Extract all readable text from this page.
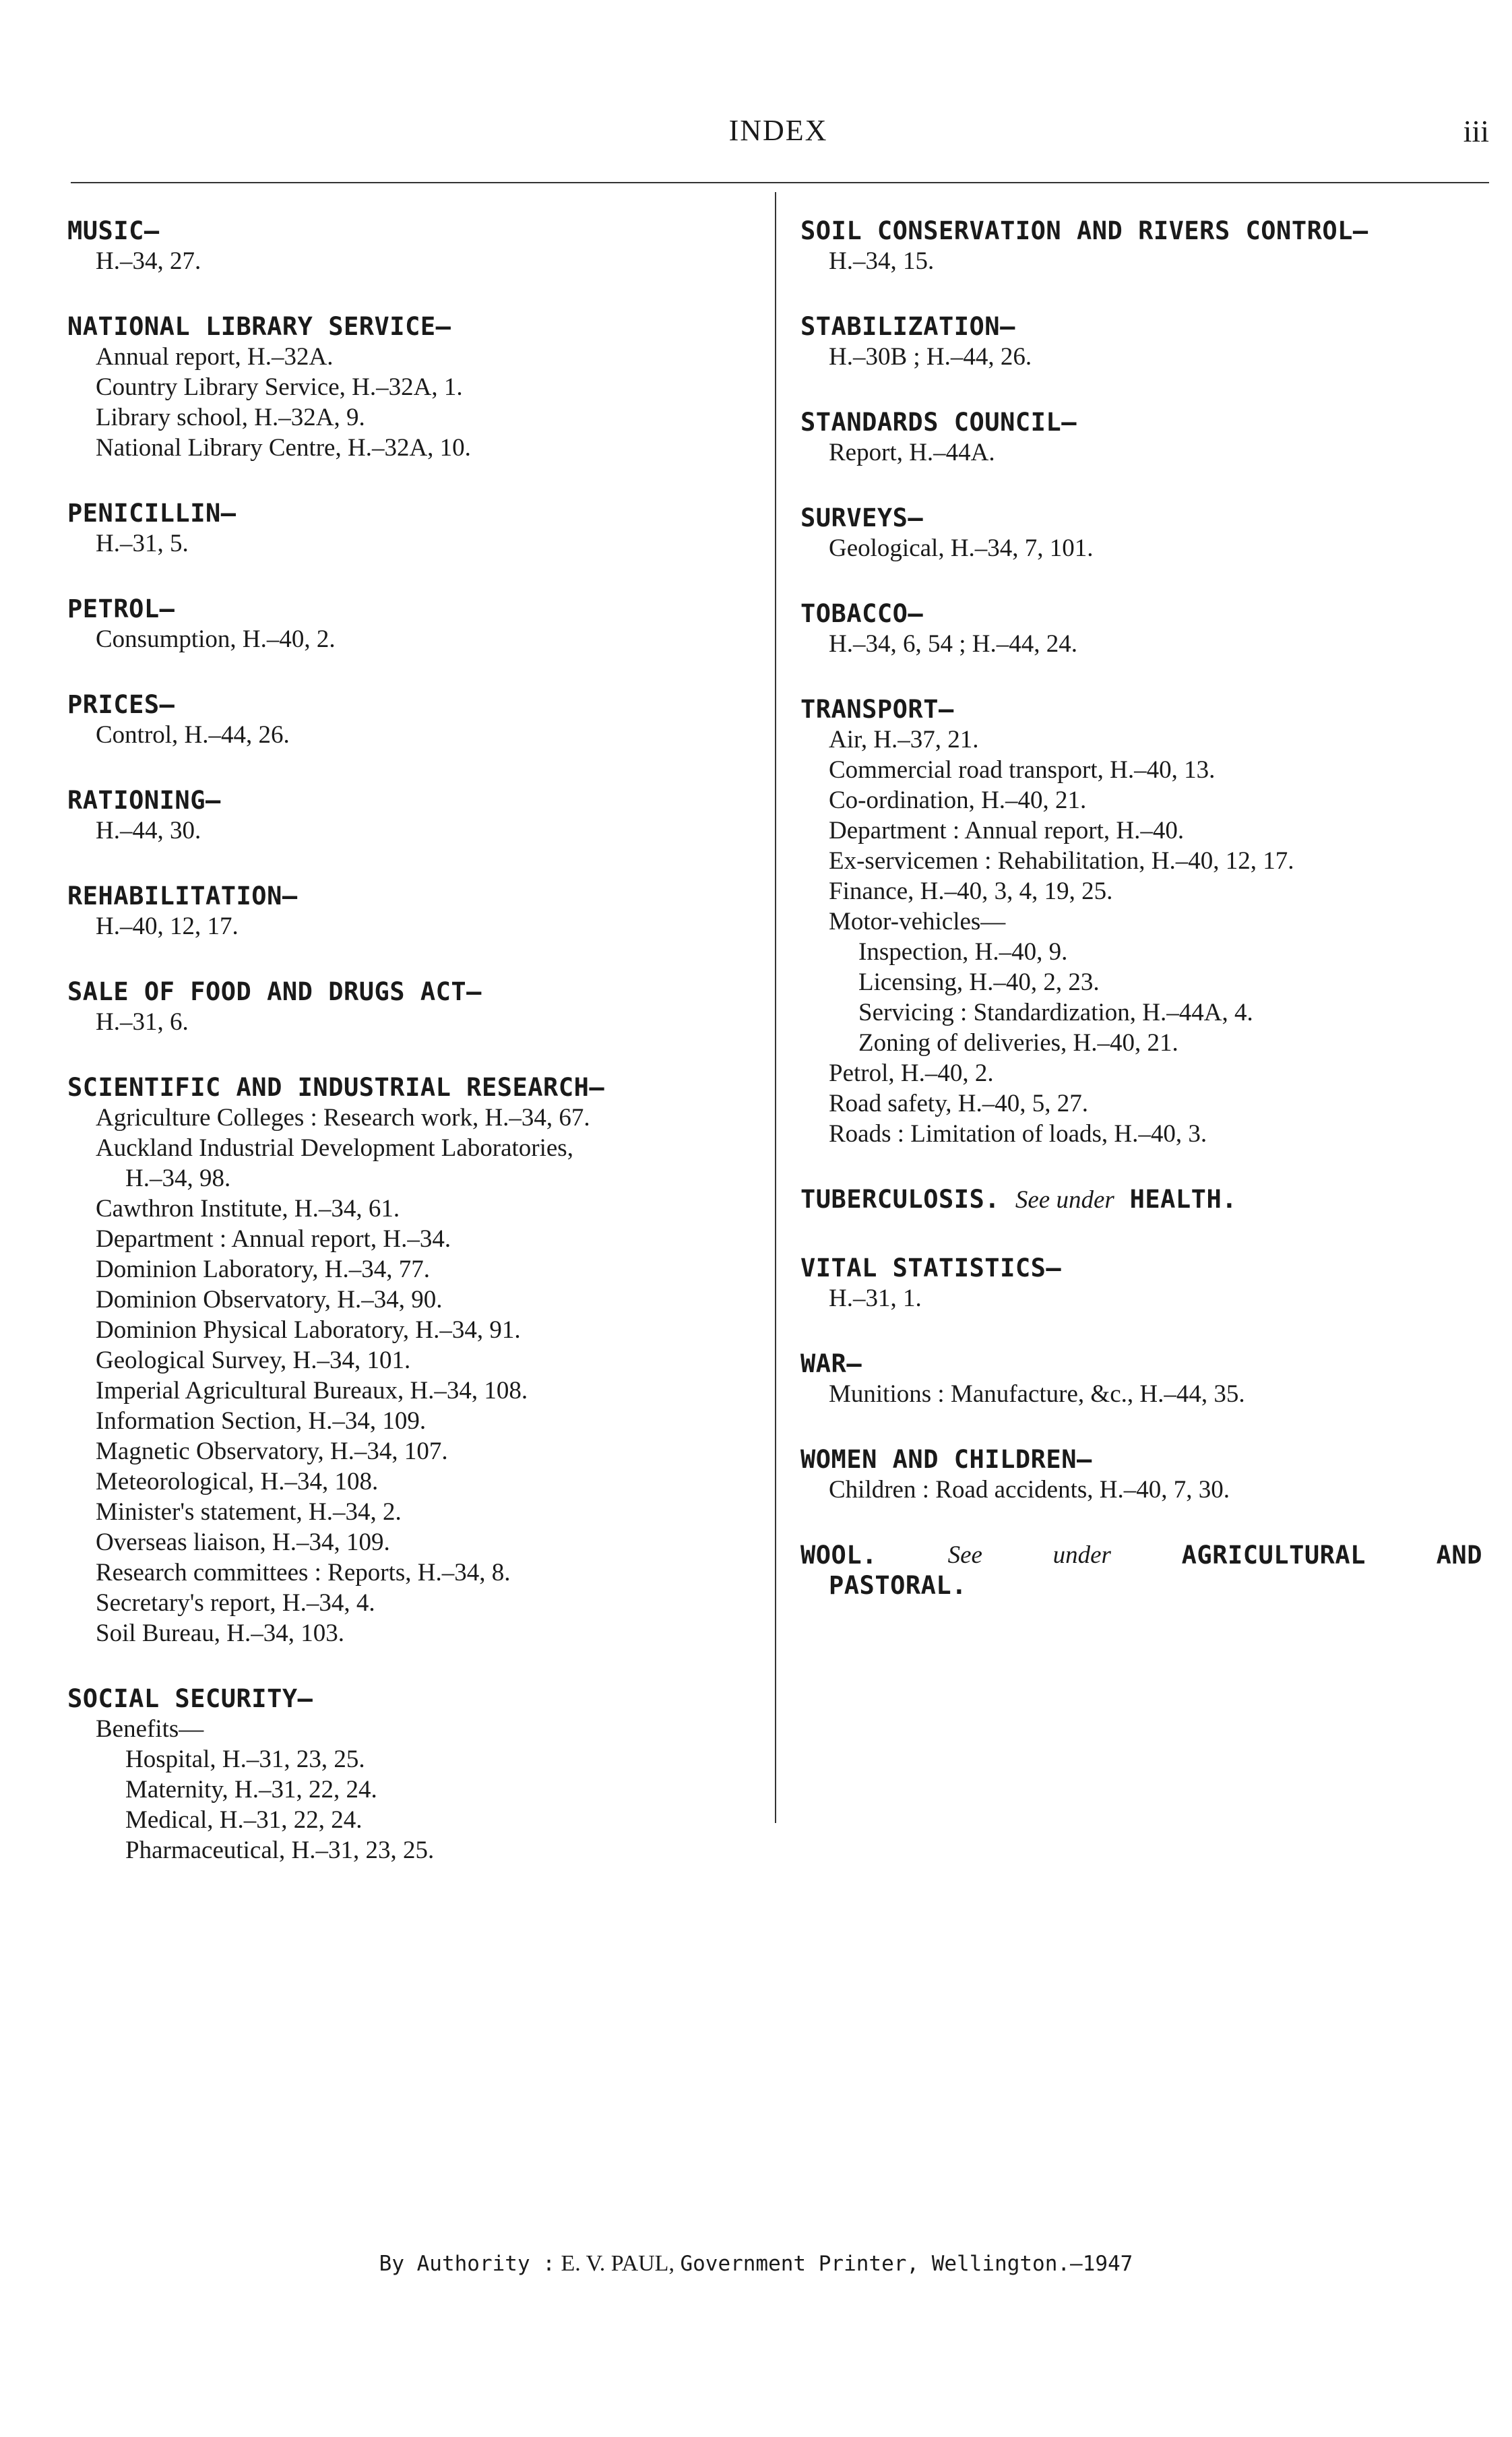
INDEX	iii
MUSIC—
H.–34, 27.
NATIONAL LIBRARY SERVICE—
Annual report, H.–32A.
Country Library Service, H.–32A, 1.
Library school, H.–32A, 9.
National Library Centre, H.–32A, 10.
PENICILLIN—
H.–31, 5.
PETROL—
Consumption, H.–40, 2.
PRICES—
Control, H.–44, 26.
RATIONING—
H.–44, 30.
REHABILITATION—
H.–40, 12, 17.
SALE OF FOOD AND DRUGS ACT—
H.–31, 6.
SCIENTIFIC AND INDUSTRIAL RESEARCH—
Agriculture Colleges : Research work, H.–34, 67.
Auckland Industrial Development Laboratories,
H.–34, 98.
Cawthron Institute, H.–34, 61.
Department : Annual report, H.–34.
Dominion Laboratory, H.–34, 77.
Dominion Observatory, H.–34, 90.
Dominion Physical Laboratory, H.–34, 91.
Geological Survey, H.–34, 101.
Imperial Agricultural Bureaux, H.–34, 108.
Information Section, H.–34, 109.
Magnetic Observatory, H.–34, 107.
Meteorological, H.–34, 108.
Minister's statement, H.–34, 2.
Overseas liaison, H.–34, 109.
Research committees : Reports, H.–34, 8.
Secretary's report, H.–34, 4.
Soil Bureau, H.–34, 103.
SOCIAL SECURITY—
Benefits—
Hospital, H.–31, 23, 25.
Maternity, H.–31, 22, 24.
Medical, H.–31, 22, 24.
Pharmaceutical, H.–31, 23, 25.
SOIL CONSERVATION AND RIVERS CONTROL—
H.–34, 15.
STABILIZATION—
H.–30B ; H.–44, 26.
STANDARDS COUNCIL—
Report, H.–44A.
SURVEYS—
Geological, H.–34, 7, 101.
TOBACCO—
H.–34, 6, 54 ; H.–44, 24.
TRANSPORT—
Air, H.–37, 21.
Commercial road transport, H.–40, 13.
Co-ordination, H.–40, 21.
Department : Annual report, H.–40.
Ex-servicemen : Rehabilitation, H.–40, 12, 17.
Finance, H.–40, 3, 4, 19, 25.
Motor-vehicles—
Inspection, H.–40, 9.
Licensing, H.–40, 2, 23.
Servicing : Standardization, H.–44A, 4.
Zoning of deliveries, H.–40, 21.
Petrol, H.–40, 2.
Road safety, H.–40, 5, 27.
Roads : Limitation of loads, H.–40, 3.
TUBERCULOSIS. See under HEALTH.
VITAL STATISTICS—
H.–31, 1.
WAR—
Munitions : Manufacture, &c., H.–44, 35.
WOMEN AND CHILDREN—
Children : Road accidents, H.–40, 7, 30.
WOOL.	See	under	AGRICULTURAL	AND
PASTORAL.
By Authority : E. V. PAUL, Government Printer, Wellington.—1947
